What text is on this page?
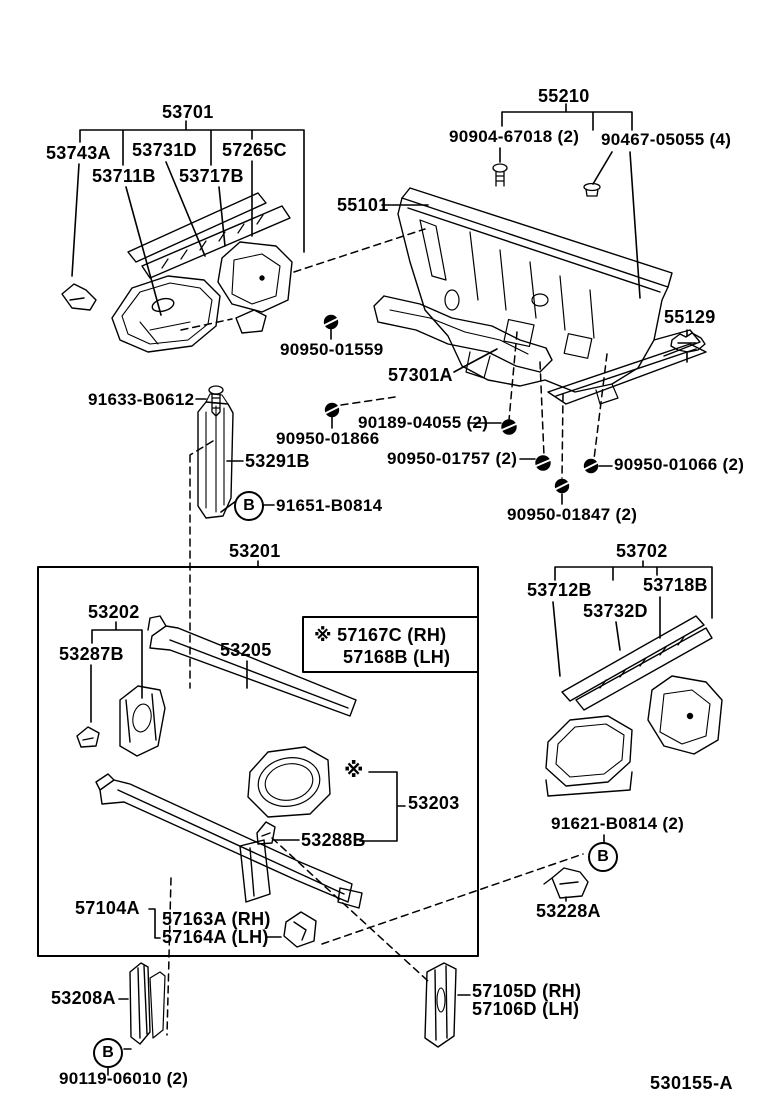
53701
53743A 53731D 57265C
53711B 53717B
55210
90904-67018 (2) 90467-05055 (4)
55101
55129
90950-01559
57301A
91633-B0612
90950-01866
90189-04055 (2)
90950-01757 (2)	90950-01066 (2)
90950-01847 (2)
53291B
B	91651-B0814
53201	53702
53712B	53718B
53732D
53202
53287B	53205
※ 57167C (RH)
57168B (LH)
※
53203
53288B
91621-B0814 (2)
B
53228A
57104A
57163A (RH)
57164A (LH)
53208A
B
90119-06010 (2)
57105D (RH)
57106D (LH)
530155-A
